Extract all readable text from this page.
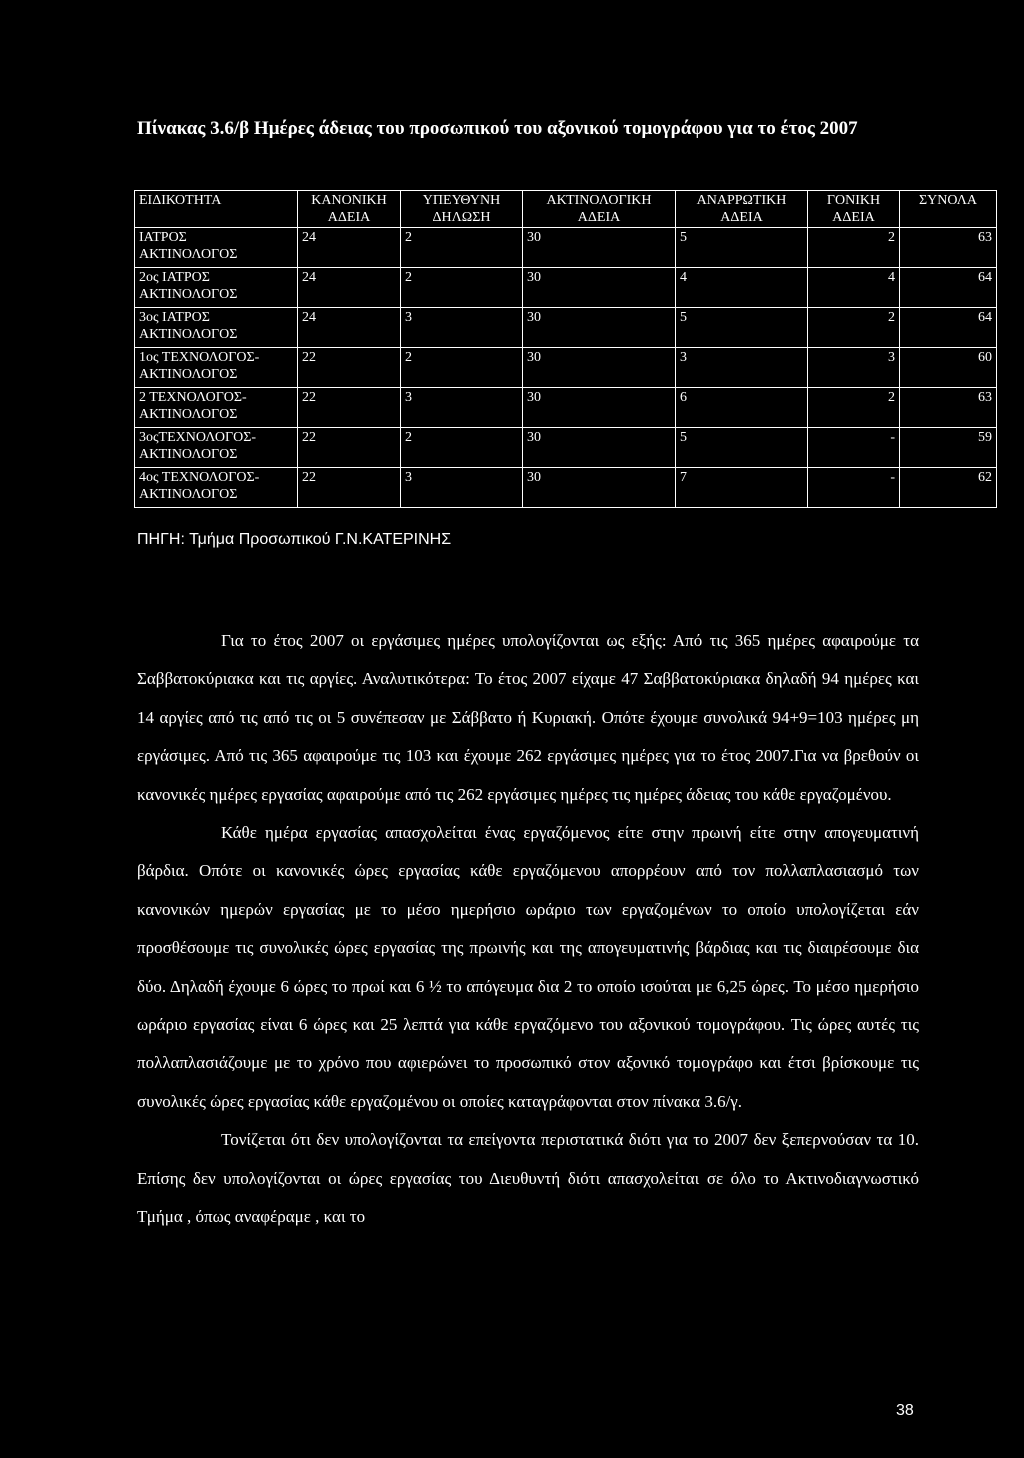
Πίνακας 3.6/β Ημέρες άδειας του προσωπικού του αξονικού τομογράφου για το έτος 2007
ΕΙΔΙΚΟΤΗΤΑ	ΚΑΝΟΝΙΚΗ ΑΔΕΙΑ	ΥΠΕΥΘΥΝΗ ΔΗΛΩΣΗ	ΑΚΤΙΝΟΛΟΓΙΚΗ ΑΔΕΙΑ	ΑΝΑΡΡΩΤΙΚΗ ΑΔΕΙΑ	ΓΟΝΙΚΗ ΑΔΕΙΑ	ΣΥΝΟΛΑ

ΙΑΤΡΟΣ
ΑΚΤΙΝΟΛΟΓΟΣ	24	2	30	5	2	63

2ος ΙΑΤΡΟΣ
ΑΚΤΙΝΟΛΟΓΟΣ	24	2	30	4	4	64

3ος ΙΑΤΡΟΣ
ΑΚΤΙΝΟΛΟΓΟΣ	24	3	30	5	2	64

1ος ΤΕΧΝΟΛΟΓΟΣ-
ΑΚΤΙΝΟΛΟΓΟΣ	22	2	30	3	3	60

2 ΤΕΧΝΟΛΟΓΟΣ-
ΑΚΤΙΝΟΛΟΓΟΣ	22	3	30	6	2	63

3οςΤΕΧΝΟΛΟΓΟΣ-
ΑΚΤΙΝΟΛΟΓΟΣ	22	2	30	5	-	59

4ος ΤΕΧΝΟΛΟΓΟΣ-
ΑΚΤΙΝΟΛΟΓΟΣ	22	3	30	7	-	62
ΠΗΓΗ: Τμήμα Προσωπικού Γ.Ν.ΚΑΤΕΡΙΝΗΣ

Για το έτος 2007 οι εργάσιμες ημέρες υπολογίζονται ως εξής: Από τις 365 ημέρες αφαιρούμε τα Σαββατοκύριακα και τις αργίες. Αναλυτικότερα: Το έτος 2007 είχαμε 47 Σαββατοκύριακα δηλαδή 94 ημέρες και 14 αργίες από τις από τις οι 5 συνέπεσαν με Σάββατο ή Κυριακή. Οπότε έχουμε συνολικά 94+9=103 ημέρες μη εργάσιμες. Από τις 365 αφαιρούμε τις 103 και έχουμε 262 εργάσιμες ημέρες για το έτος 2007.Για να βρεθούν οι κανονικές ημέρες εργασίας αφαιρούμε από τις 262 εργάσιμες ημέρες τις ημέρες άδειας του κάθε εργαζομένου.

Κάθε ημέρα εργασίας απασχολείται ένας εργαζόμενος είτε στην πρωινή είτε στην απογευματινή βάρδια. Οπότε οι κανονικές ώρες εργασίας κάθε εργαζόμενου απορρέουν από τον πολλαπλασιασμό των κανονικών ημερών εργασίας με το μέσο ημερήσιο ωράριο των εργαζομένων το οποίο υπολογίζεται εάν προσθέσουμε τις συνολικές ώρες εργασίας της πρωινής και της απογευματινής βάρδιας και τις διαιρέσουμε δια δύο. Δηλαδή έχουμε 6 ώρες το πρωί και 6 ½ το απόγευμα δια 2 το οποίο ισούται με 6,25 ώρες. Το μέσο ημερήσιο ωράριο εργασίας είναι 6 ώρες και 25 λεπτά για κάθε εργαζόμενο του αξονικού τομογράφου. Τις ώρες αυτές τις πολλαπλασιάζουμε με το χρόνο που αφιερώνει το προσωπικό στον αξονικό τομογράφο και έτσι βρίσκουμε τις συνολικές ώρες εργασίας κάθε εργαζομένου οι οποίες καταγράφονται στον πίνακα 3.6/γ.

Τονίζεται ότι δεν υπολογίζονται τα επείγοντα περιστατικά διότι για το 2007 δεν ξεπερνούσαν τα 10. Επίσης δεν υπολογίζονται οι ώρες εργασίας του Διευθυντή διότι απασχολείται σε όλο το Ακτινοδιαγνωστικό Τμήμα , όπως αναφέραμε , και το

38
